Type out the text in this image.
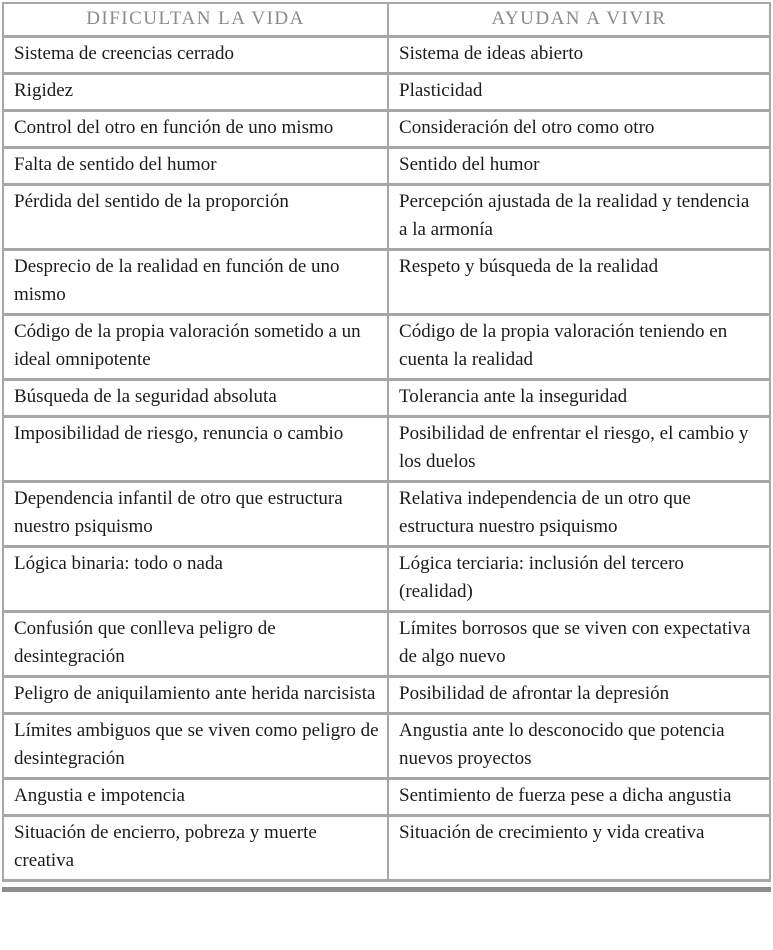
DIFICULTAN LA VIDA	AYUDAN A VIVIR
Sistema de creencias cerrado	Sistema de ideas abierto
Rigidez	Plasticidad
Control del otro en función de uno mismo	Consideración del otro como otro
Falta de sentido del humor	Sentido del humor
Pérdida del sentido de la proporción	Percepción ajustada de la realidad y tendencia a la armonía
Desprecio de la realidad en función de uno mismo	Respeto y búsqueda de la realidad
Código de la propia valoración sometido a un ideal omnipotente	Código de la propia valoración teniendo en cuenta la realidad
Búsqueda de la seguridad absoluta	Tolerancia ante la inseguridad
Imposibilidad de riesgo, renuncia o cambio	Posibilidad de enfrentar el riesgo, el cambio y los duelos
Dependencia infantil de otro que estructura nuestro psiquismo	Relativa independencia de un otro que estructura nuestro psiquismo
Lógica binaria: todo o nada	Lógica terciaria: inclusión del tercero (realidad)
Confusión que conlleva peligro de desintegración	Límites borrosos que se viven con expectativa de algo nuevo
Peligro de aniquilamiento ante herida narcisista	Posibilidad de afrontar la depresión
Límites ambiguos que se viven como peligro de desintegración	Angustia ante lo desconocido que potencia nuevos proyectos
Angustia e impotencia	Sentimiento de fuerza pese a dicha angustia
Situación de encierro, pobreza y muerte creativa	Situación de crecimiento y vida creativa
